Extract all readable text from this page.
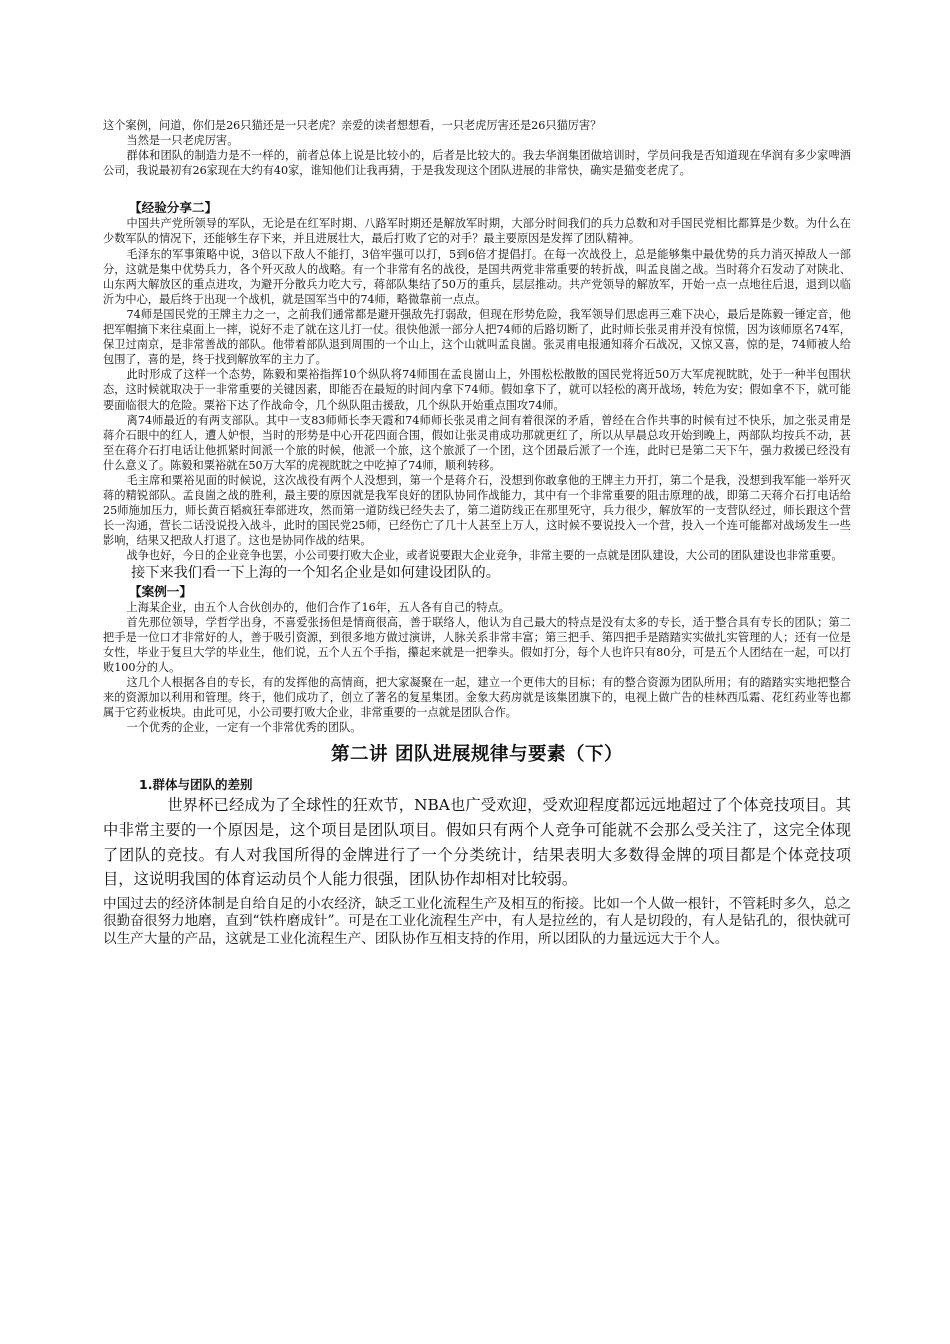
这个案例，问道，你们是26只猫还是一只老虎？亲爱的读者想想看，一只老虎厉害还是26只猫厉害？

当然是一只老虎厉害。

群体和团队的制造力是不一样的，前者总体上说是比较小的，后者是比较大的。我去华润集团做培训时，学员问我是否知道现在华润有多少家啤酒公司，我说最初有26家现在大约有40家，谁知他们让我再猜，于是我发现这个团队进展的非常快，确实是猫变老虎了。

【经验分享二】

中国共产党所领导的军队，无论是在红军时期、八路军时期还是解放军时期，大部分时间我们的兵力总数和对手国民党相比都算是少数。为什么在少数军队的情况下，还能够生存下来，并且进展壮大，最后打败了它的对手？最主要原因是发挥了团队精神。

毛泽东的军事策略中说，3倍以下敌人不能打，3倍牢强可以打，5到6倍才提倡打。在每一次战役上，总是能够集中最优势的兵力消灭掉敌人一部分，这就是集中优势兵力，各个歼灭敌人的战略。有一个非常有名的战役，是国共两党非常重要的转折战，叫孟良崮之战。当时蒋介石发动了对陕北、山东两大解放区的重点进攻，为避开分散兵力吃大亏，蒋部队集结了50万的重兵，层层推动。共产党领导的解放军，开始一点一点地往后退，退到以临沂为中心，最后终于出现一个战机，就是国军当中的74师，略微靠前一点点。

74师是国民党的王牌主力之一，之前我们通常都是避开强敌先打弱敌，但现在形势危险，我军领导们思虑再三难下决心，最后是陈毅一锤定音，他把军帽摘下来往桌面上一摔，说好不走了就在这儿打一仗。很快他派一部分人把74师的后路切断了，此时师长张灵甫并没有惊慌，因为该师原名74军，保卫过南京，是非常善战的部队。他带着部队退到周围的一个山上，这个山就叫孟良崮。张灵甫电报通知蒋介石战况，又惊又喜，惊的是，74师被人给包围了，喜的是，终于找到解放军的主力了。

此时形成了这样一个态势，陈毅和粟裕指挥10个纵队将74师围在孟良崮山上，外围松松散散的国民党将近50万大军虎视眈眈，处于一种半包围状态，这时候就取决于一非常重要的关键因素，即能否在最短的时间内拿下74师。假如拿下了，就可以轻松的离开战场，转危为安；假如拿不下，就可能要面临很大的危险。粟裕下达了作战命令，几个纵队阻击援敌，几个纵队开始重点围攻74师。

离74师最近的有两支部队。其中一支83师师长李天霞和74师师长张灵甫之间有着很深的矛盾，曾经在合作共事的时候有过不快乐，加之张灵甫是蒋介石眼中的红人，遭人妒恨，当时的形势是中心开花四面合围，假如让张灵甫成功那就更红了，所以从早晨总攻开始到晚上，两部队均按兵不动，甚至在蒋介石打电话让他抓紧时间派一个旅的时候，他派一个旅，这个旅派了一个团，这个团最后派了一个连，此时已是第二天下午，强力救援已经没有什么意义了。陈毅和粟裕就在50万大军的虎视眈眈之中吃掉了74师，顺利转移。

毛主席和粟裕见面的时候说，这次战役有两个人没想到，第一个是蒋介石，没想到你敢拿他的王牌主力开打，第二个是我，没想到我军能一举歼灭蒋的精锐部队。孟良崮之战的胜利，最主要的原因就是我军良好的团队协同作战能力，其中有一个非常重要的阻击原理的战，即第二天蒋介石打电话给25师施加压力，师长黄百韬疯狂奉部进攻，然而第一道防线已经失去了，第二道防线正在那里死守，兵力很少，解放军的一支营队经过，师长跟这个营长一沟通，营长二话没说投入战斗，此时的国民党25师，已经伤亡了几十人甚至上万人，这时候不要说投入一个营，投入一个连可能都对战场发生一些影响，结果又把敌人打退了。这也是协同作战的结果。

战争也好，今日的企业竞争也罢，小公司要打败大企业，或者说要跟大企业竞争，非常主要的一点就是团队建设，大公司的团队建设也非常重要。

接下来我们看一下上海的一个知名企业是如何建设团队的。

【案例一】

上海某企业，由五个人合伙创办的，他们合作了16年，五人各有自己的特点。

首先那位领导，学哲学出身，不喜爱张扬但是情商很高，善于联络人，他认为自己最大的特点是没有太多的专长，适于整合具有专长的团队；第二把手是一位口才非常好的人，善于吸引资源，到很多地方做过演讲，人脉关系非常丰富；第三把手、第四把手是踏踏实实做扎实管理的人；还有一位是女性，毕业于复旦大学的毕业生，他们说，五个人五个手指，攥起来就是一把拳头。假如打分，每个人也许只有80分，可是五个人团结在一起，可以打败100分的人。

这几个人根据各自的专长，有的发挥他的高情商，把大家凝聚在一起，建立一个更伟大的目标；有的整合资源为团队所用；有的踏踏实实地把整合来的资源加以利用和管理。终于，他们成功了，创立了著名的复星集团。金象大药房就是该集团旗下的，电视上做广告的桂林西瓜霜、花红药业等也都属于它药业板块。由此可见，小公司要打败大企业，非常重要的一点就是团队合作。

一个优秀的企业，一定有一个非常优秀的团队。

第二讲 团队进展规律与要素（下）

1.群体与团队的差别

世界杯已经成为了全球性的狂欢节，NBA也广受欢迎，受欢迎程度都远远地超过了个体竞技项目。其中非常主要的一个原因是，这个项目是团队项目。假如只有两个人竞争可能就不会那么受关注了，这完全体现了团队的竞技。有人对我国所得的金牌进行了一个分类统计，结果表明大多数得金牌的项目都是个体竞技项目，这说明我国的体育运动员个人能力很强，团队协作却相对比较弱。

中国过去的经济体制是自给自足的小农经济，缺乏工业化流程生产及相互的衔接。比如一个人做一根针，不管耗时多久，总之很勤奋很努力地磨，直到“铁杵磨成针”。可是在工业化流程生产中，有人是拉丝的，有人是切段的，有人是钻孔的，很快就可以生产大量的产品，这就是工业化流程生产、团队协作互相支持的作用，所以团队的力量远远大于个人。
